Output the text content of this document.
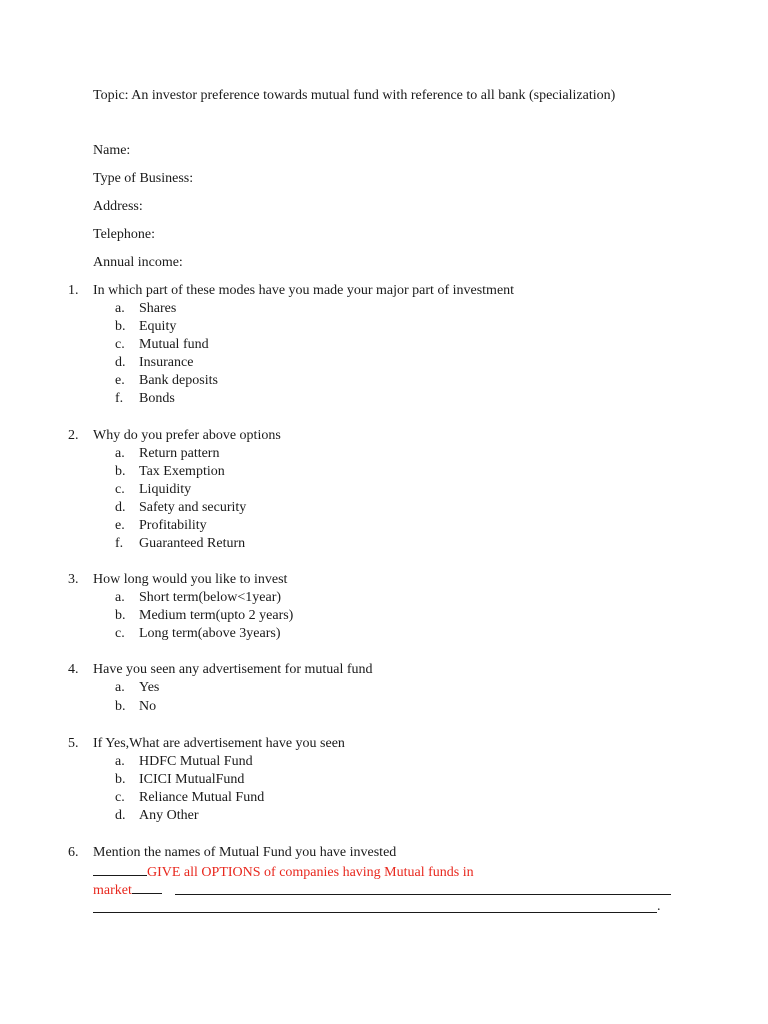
Topic: An investor preference towards mutual fund with reference to all bank (specialization)
Name:
Type of Business:
Address:
Telephone:
Annual income:
1. In which part of these modes have you made your major part of investment
a. Shares
b. Equity
c. Mutual fund
d. Insurance
e. Bank deposits
f. Bonds
2. Why do you prefer above options
a. Return pattern
b. Tax Exemption
c. Liquidity
d. Safety and security
e. Profitability
f. Guaranteed Return
3. How long would you like to invest
a. Short term(below<1year)
b. Medium term(upto 2 years)
c. Long term(above 3years)
4. Have you seen any advertisement for mutual fund
a. Yes
b. No
5. If Yes,What are advertisement have you seen
a. HDFC Mutual Fund
b. ICICI MutualFund
c. Reliance Mutual Fund
d. Any Other
6. Mention the names of Mutual Fund you have invested
GIVE all OPTIONS of companies having Mutual funds in
market
.
